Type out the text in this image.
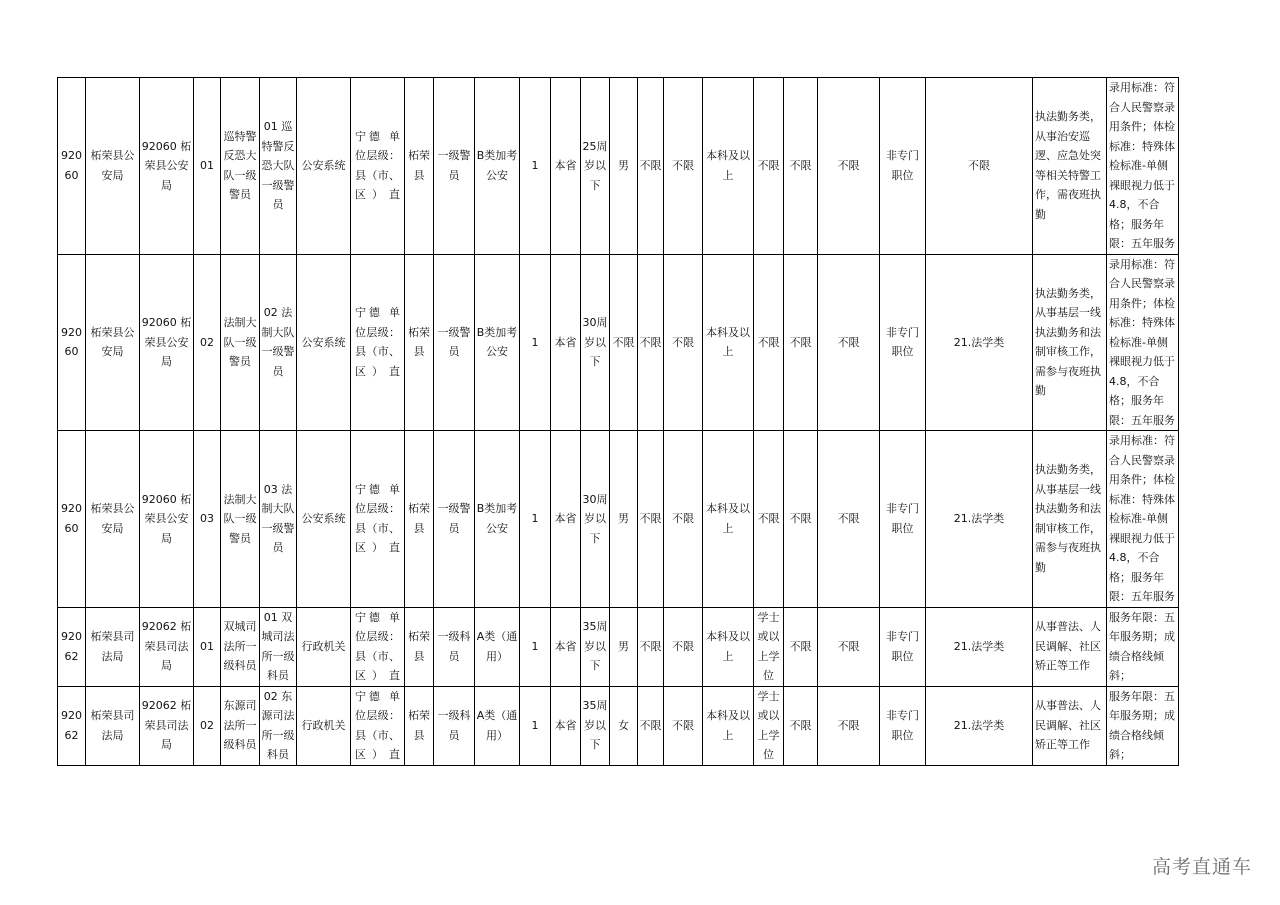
92060	柘荣县公安局	92060 柘荣县公安局	01	巡特警反恐大队一级警员	01 巡特警反恐大队一级警员	公安系统	宁德 单位层级：县（市、区）直	柘荣县	一级警员	B类加考公安	1	本省	25周岁以下	男	不限	不限	本科及以上	不限	不限	不限	非专门职位	不限	执法勤务类，从事治安巡逻、应急处突等相关特警工作，需夜班执勤	录用标准：符合人民警察录用条件；体检标准：特殊体检标准-单侧裸眼视力低于4.8，不合格；服务年限：五年服务
92060	柘荣县公安局	92060 柘荣县公安局	02	法制大队一级警员	02 法制大队一级警员	公安系统	宁德 单位层级：县（市、区）直	柘荣县	一级警员	B类加考公安	1	本省	30周岁以下	不限	不限	不限	本科及以上	不限	不限	不限	非专门职位	21.法学类	执法勤务类，从事基层一线执法勤务和法制审核工作，需参与夜班执勤	录用标准：符合人民警察录用条件；体检标准：特殊体检标准-单侧裸眼视力低于4.8，不合格；服务年限：五年服务
92060	柘荣县公安局	92060 柘荣县公安局	03	法制大队一级警员	03 法制大队一级警员	公安系统	宁德 单位层级：县（市、区）直	柘荣县	一级警员	B类加考公安	1	本省	30周岁以下	男	不限	不限	本科及以上	不限	不限	不限	非专门职位	21.法学类	执法勤务类，从事基层一线执法勤务和法制审核工作，需参与夜班执勤	录用标准：符合人民警察录用条件；体检标准：特殊体检标准-单侧裸眼视力低于4.8，不合格；服务年限：五年服务
92062	柘荣县司法局	92062 柘荣县司法局	01	双城司法所一级科员	01 双城司法所一级科员	行政机关	宁德 单位层级：县（市、区）直	柘荣县	一级科员	A类（通用）	1	本省	35周岁以下	男	不限	不限	本科及以上	学士或以上学位	不限	不限	非专门职位	21.法学类	从事普法、人民调解、社区矫正等工作	服务年限：五年服务期；成绩合格线倾斜；
92062	柘荣县司法局	92062 柘荣县司法局	02	东源司法所一级科员	02 东源司法所一级科员	行政机关	宁德 单位层级：县（市、区）直	柘荣县	一级科员	A类（通用）	1	本省	35周岁以下	女	不限	不限	本科及以上	学士或以上学位	不限	不限	非专门职位	21.法学类	从事普法、人民调解、社区矫正等工作	服务年限：五年服务期；成绩合格线倾斜；
高考直通车
